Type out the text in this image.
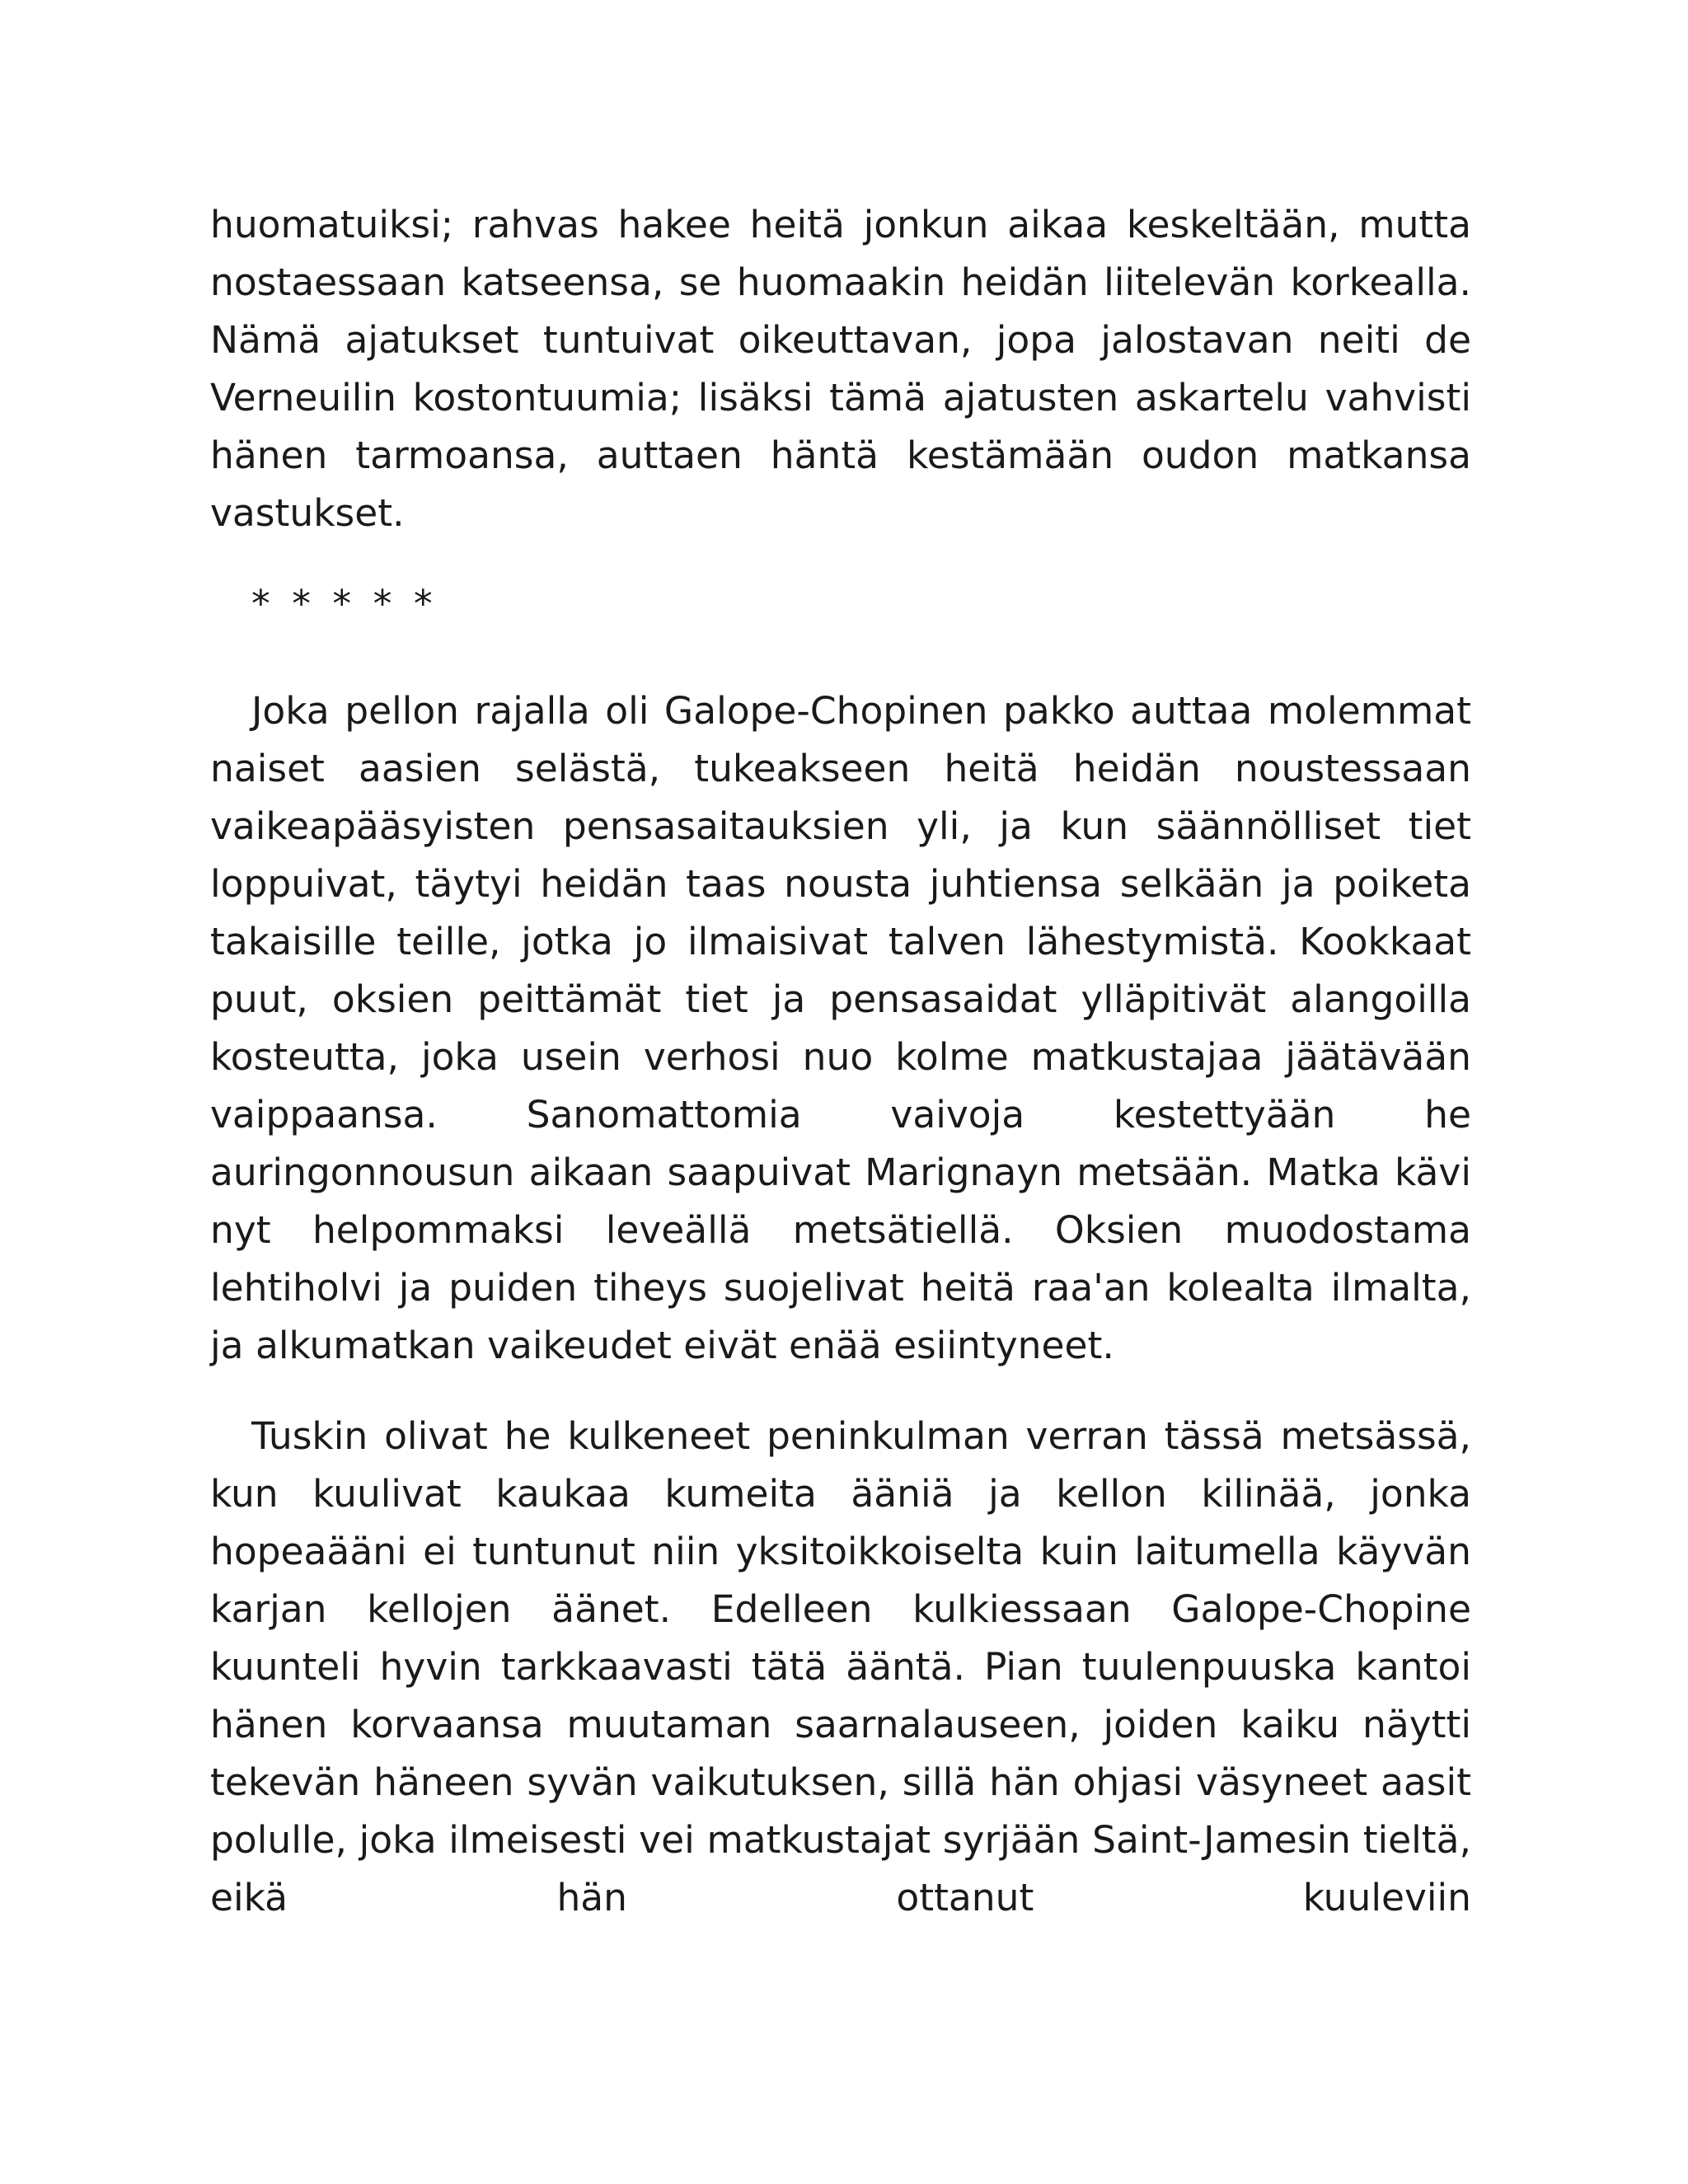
huomatuiksi; rahvas hakee heitä jonkun aikaa keskeltään, mutta nostaessaan katseensa, se huomaakin heidän liitelevän korkealla. Nämä ajatukset tuntuivat oikeuttavan, jopa jalostavan neiti de Verneuilin kostontuumia; lisäksi tämä ajatusten askartelu vahvisti hänen tarmoansa, auttaen häntä kestämään oudon matkansa vastukset.

* * * * *

Joka pellon rajalla oli Galope-Chopinen pakko auttaa molemmat naiset aasien selästä, tukeakseen heitä heidän noustessaan vaikeapääsyisten pensasaitauksien yli, ja kun säännölliset tiet loppuivat, täytyi heidän taas nousta juhtiensa selkään ja poiketa takaisille teille, jotka jo ilmaisivat talven lähestymistä. Kookkaat puut, oksien peittämät tiet ja pensasaidat ylläpitivät alangoilla kosteutta, joka usein verhosi nuo kolme matkustajaa jäätävään vaippaansa. Sanomattomia vaivoja kestettyään he auringonnousun aikaan saapuivat Marignayn metsään. Matka kävi nyt helpommaksi leveällä metsätiellä. Oksien muodostama lehtiholvi ja puiden tiheys suojelivat heitä raa'an kolealta ilmalta, ja alkumatkan vaikeudet eivät enää esiintyneet.

Tuskin olivat he kulkeneet peninkulman verran tässä metsässä, kun kuulivat kaukaa kumeita ääniä ja kellon kilinää, jonka hopeaääni ei tuntunut niin yksitoikkoiselta kuin laitumella käyvän karjan kellojen äänet. Edelleen kulkiessaan Galope-Chopine kuunteli hyvin tarkkaavasti tätä ääntä. Pian tuulenpuuska kantoi hänen korvaansa muutaman saarnalauseen, joiden kaiku näytti tekevän häneen syvän vaikutuksen, sillä hän ohjasi väsyneet aasit polulle, joka ilmeisesti vei matkustajat syrjään Saint-Jamesin tieltä, eikä hän ottanut kuuleviin
